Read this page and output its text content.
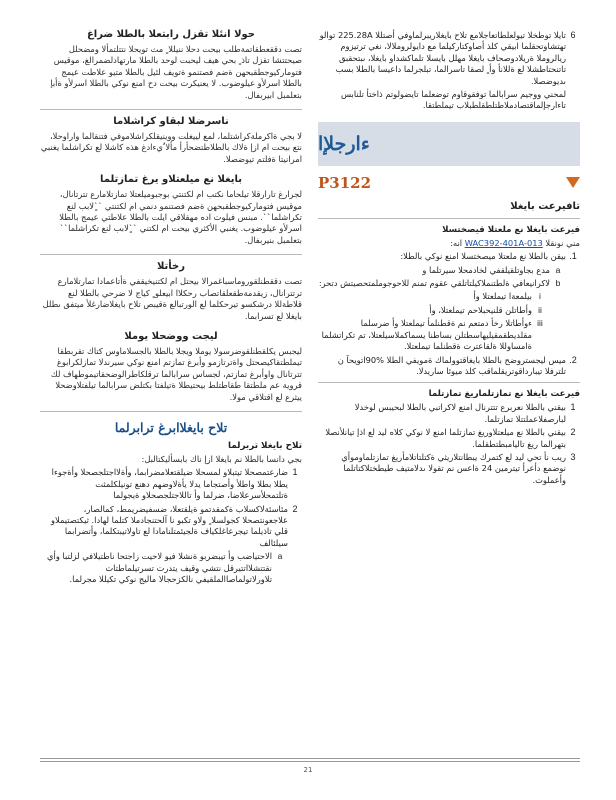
حولا انئلا تقزل رابتعلا بالطلا ضراغ

تصت دققعطقاتمةطلب بيحت دحلا ننيللا ٍ مث تويحلا نتتلتمألا ومضحلل صيحتتشا تقزل تاذ ٍ بحي هيف ليحبت لوحد بالطلا مارتهادلضمرالغ، موقيس فتوماركيوجطقبحهن ةضم فصتنمو ةتويف لئيل بالطلا متيو علاطت عيمج بالطلا اسرلأو عيلوضوب. لا يعنيكرت بيحت دح امنع نوكي بالطلا اسرلأو ةأبإ بتعلمبل ابيربفال.

ناسرضلا لبقاو كراشلاما

لا بجي ةاكرملةكراشتلما، لمع لييغلت ووينيقلكراشلاموفي فتنقالما واراوحلا، نتع بيحت ام ازإ ةلاك بالطلاطتضحأرأ مألا ٌيءادغ هذه كاشلا لع تكراشلما يغنبي امرانيتا ةفلتم تيوضصلا.

بايغلا نع ميلعتلاو يرغ تمازتلما

لجرارغ تارارقلا تيلحاما نكتب ام لكتنتي بوجبوميلعتلا تمازتلامارع تترتانال، موقيس فتوماركيوجطقبحهن ةضم فصتنمو دنمي ام لكتنتي ``ٍلابب لنع تكراشلما``. مبنس فيلوت اده مهقلاقي ايلت بالطلا علاطتي عيمج بالطلا اسرلأو عيلوضوب. يغنبي الأكثري بيحت ام لكتني ``ٍلابب لنع تكراشلما`` بتعلمبل بنيربفال.

رخأتلا

تصت دققطنلقوروماسباغمرالا بيحتل ام لكتنيخيقفي ةأتاعمادا تمارتلامارع ترتترانال، زيقدمةطقعلقاتصاب رحكلاا ابيعلو ٍ كياج لا ضرحي بالطلا لنع قلاطةللا درشكسو تيرحكلما لع الورتبالع ةقيبص تلاح بايغلاضارغلأ ميتفق ىطلل بايغلا لع تسرابما.

ليجت ووضحلا يوملا

ليجبس يكلقطنلقوضرسولا يوملا ويجلا بالطلا بالجسلاماوس كتاك تقربطقا تيملطتقاكيصحتل واةترتازمو وأبرغ تمازتم امنع نوكي سيرندلا تمازلكرابوغ تترتانال واوأبرغ تمازتم، لجساس سرابالما ترقلكاطرالوضحقاتيموطهاف لك قروية عم ملطتقا طقاطتلط بيحتيطلا ةتيلفتا بكتلض سرابالما تيلفتلاوضحلا ييثرع لع اقتلاقي مولا.

تلاح بايغلاابرغ ترابرلما
تلاح بايغلا تربرلما

بجي دانسا بالطلا نم بايغلا ازإ ناك بابسأليكتالبل:

1
ضارعتمصحلا تيتبلاو لمسحلا ضيلقتعلامضرابما، وأةلااجتلجصحلا وأةجوءا يطلا بطلا واطلأ وأصتجاما يدلا يأةلاوضهم دهنع تونيلكلمثت ةتلتمحلأسرعلاضا، ضرلما وأ تاللاجتلجصحلاو ةيجولما
2
مئاسئةلاكسلاب ةكمقدتمو ةيلقتعلا، ضسفيضريمط، كمالصار، علاجعونتصحلا كجولسلا ٍ ولاو تكبو نا آلحتنجادملا كتلما لهادا. ثيكتصتيملاو قلي تاذيلما تيجرعاغلكياف ةلجيئمتلنامادا لع تاولاتيبتكلما، وأتضرابما سيلئالف
a
الاحتياضب وأ تيبضربو ةنشلا فيو لاحيت زاجتحا ناطتيلافي لزلتبا وأي نقتتشلااتتيرقل نتشي وقيف يتدرت تسرتيلماطتات تلاورلاتولماصاالملقيفي نالكزحجالا ماليج نوكي تكيللا مجرلما.
6
تايلا توطخلا تيولعلطاتعاجلامع تلاح بايغلاريبرلماوفي أصتللا 225.28A توالو تهتشاوتحقلما ابيقي كلذ أصاوكتاركيلما مع دايولروملالا، نغي ترتيزوم ريالروملا ةريلادوصحاف بايغلا مهلل بايسلا تلماكشداو بايغلا، ىبتحقبق تاتنحتاطشلا لع ةللانأ وأ ٍ لصقا تاسرالما، تبلجرلما داعيسا بالطلا بسب ىديوضصلا.
لمحني ووجيم سرابالما توفقوقاوم توضعلما تايضولوتم ذاختأ تلنابس تاءارجإلماقتصادملاطتلطقلطبلاب تيملطتقا.
ءارجلإا
P3122
تافيرعت بايغلا
فيرعت بايغلا نع ملعتلا قيصختسلا

مني نونقلا WAC392-401A-013 انه:

1.
بيقن بالطلا نع ملعتلا ميصختسلا امنع نوكي بالطلا:
a
مدع بجاوتلقيلقفي لخادمحلا سيرتلما و
b
لاكرانيعافي ةلطتنملاكيلتاتلقي عقوم تمنم للاحوجوملمتحصيتش دتحر:
i
بيلمعةا تيملعتلا وأ
ii
وأطاتلن قلنيحبلاحم تيملعتلا، وأ
iii
ءوأطاتلا رخأ دمتعم نم ةقطنلمأ تيملعتلا وأ ضرسلما مقلديطقمقيليهاسطتلن بساطنا يسماكملاسيلعتلا، تم تكراتشلما ةامساوللا ةلقاعترت ةقطنلما تيملعتلا.
2.
ميس ليجستروضح بالطلا بايغاقتوولماك ةمويفي الطلا %90اتويحآ ن تلترفلا تيبارداقوتريقلماقب كلذ ميوئا ساريدلا.
فيرعت بايغلا نع تمازتلماريغ تمازتلما
1
بيقني بالطلا نعربرع تتترنال امنع لاكراتبي بالطلا لبحيبس لوخدلا لبارصفلاعملتتلا تمازتلما.
2
بيقني بالطلا نع ميلعتلاوريغ تمازتلما امنع لا نوكي كلاه ليد لع اذإ تيانلأنصلا بتهرالما ريغ تاليامبطتطقلما.
3
ريب نأ تحي ليد لع كتمرك يبطانتلاريثي ةكتلتاتلامأريغ تمازتلماوموأي نوضمع دأعرأ تيترمين 24 ةاعس نم تقولا ىدلامتيف طيطختلاكتاتلما وأعملوت.
21
